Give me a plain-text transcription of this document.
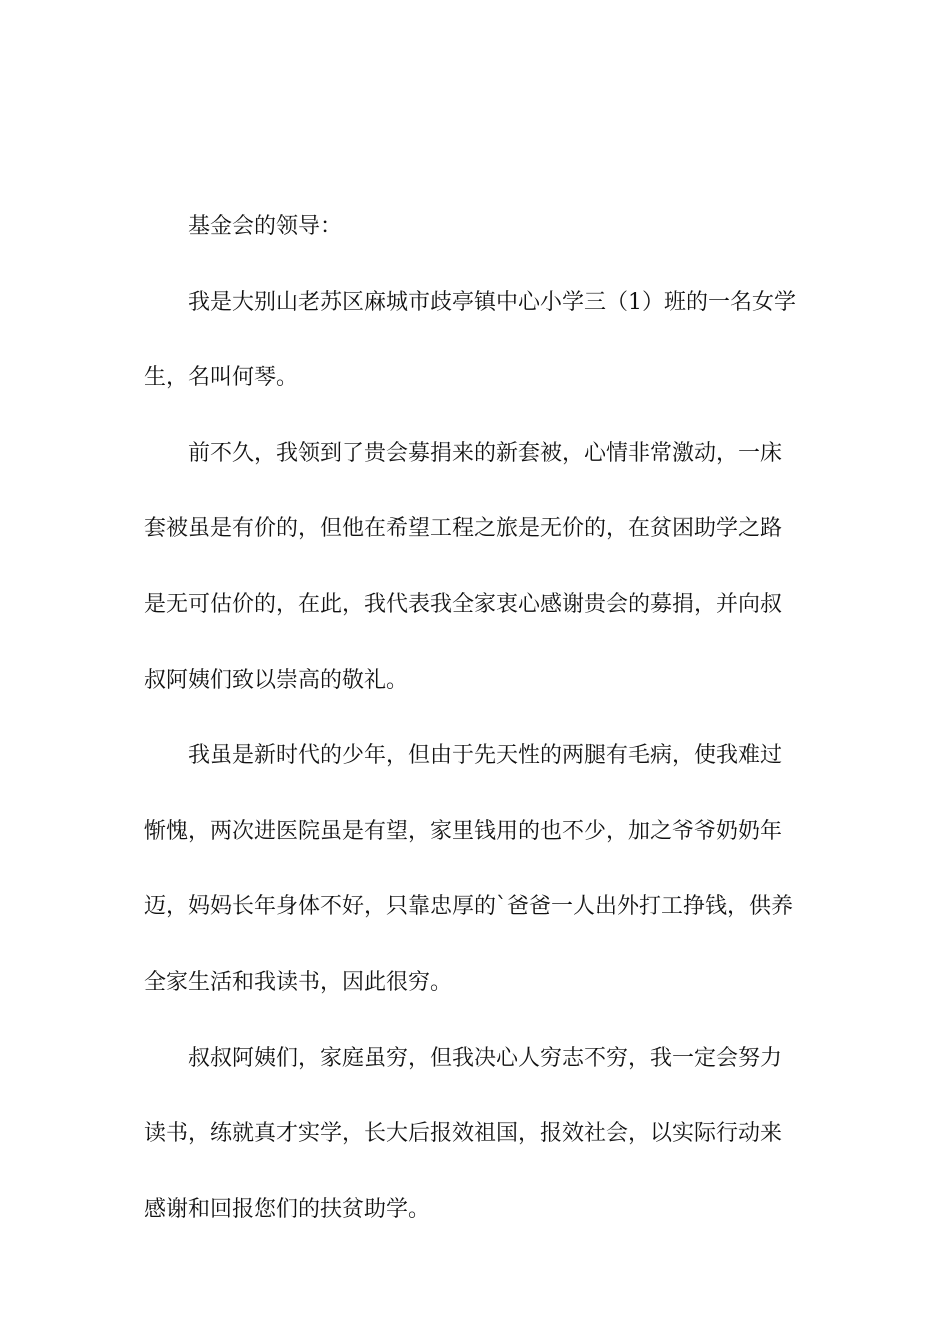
基金会的领导：
我是大别山老苏区麻城市歧亭镇中心小学三（1）班的一名女学
生，名叫何琴。
前不久，我领到了贵会募捐来的新套被，心情非常激动，一床
套被虽是有价的，但他在希望工程之旅是无价的，在贫困助学之路
是无可估价的，在此，我代表我全家衷心感谢贵会的募捐，并向叔
叔阿姨们致以崇高的敬礼。
我虽是新时代的少年，但由于先天性的两腿有毛病，使我难过
惭愧，两次进医院虽是有望，家里钱用的也不少，加之爷爷奶奶年
迈，妈妈长年身体不好，只靠忠厚的`爸爸一人出外打工挣钱，供养
全家生活和我读书，因此很穷。
叔叔阿姨们，家庭虽穷，但我决心人穷志不穷，我一定会努力
读书，练就真才实学，长大后报效祖国，报效社会，以实际行动来
感谢和回报您们的扶贫助学。
